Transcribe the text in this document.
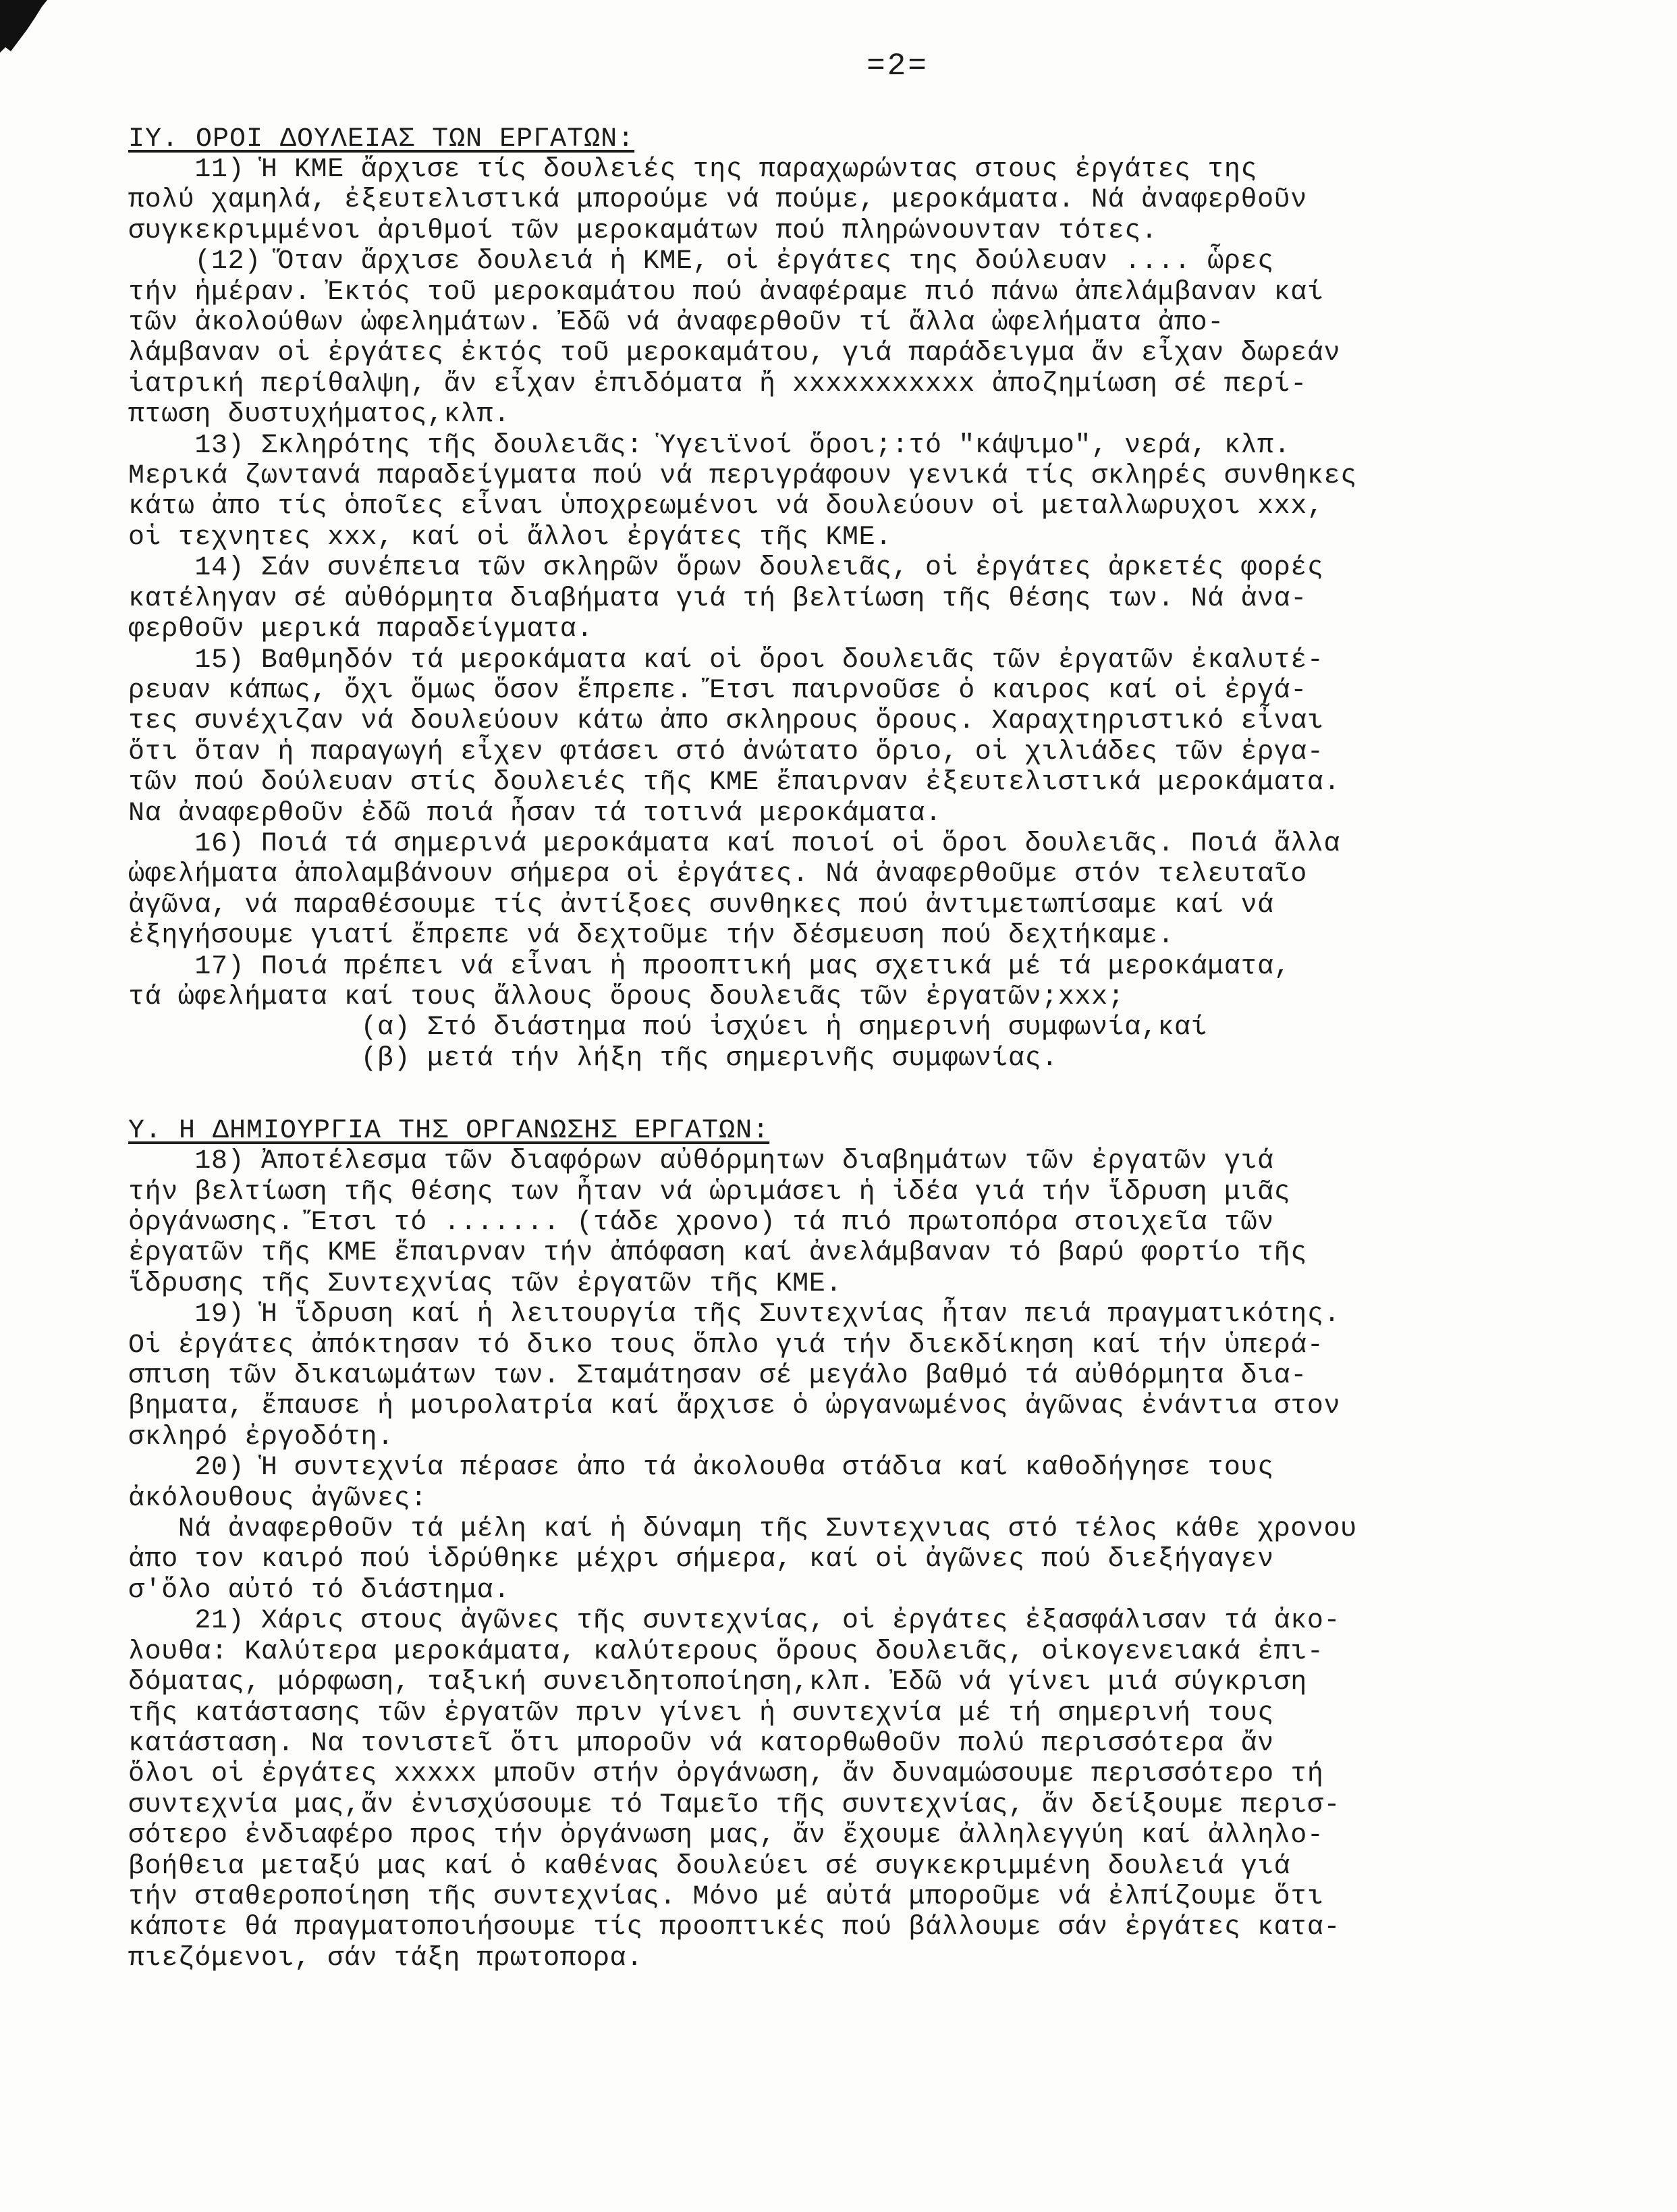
=2=
ΙΥ. ΟΡΟΙ ΔΟΥΛΕΙΑΣ ΤΩΝ ΕΡΓΑΤΩΝ:

11) Ἡ ΚΜΕ ἄρχισε τίς δουλειές της παραχωρώντας στους ἐργάτες της
πολύ χαμηλά, ἐξευτελιστικά μπορούμε νά πούμε, μεροκάματα. Νά ἀναφερθοῦν
συγκεκριμμένοι ἀριθμοί τῶν μεροκαμάτων πού πληρώνουνταν τότες.

(12) Ὅταν ἄρχισε δουλειά ἡ ΚΜΕ, οἱ ἐργάτες της δούλευαν .... ὧρες
τήν ἡμέραν. Ἐκτός τοῦ μεροκαμάτου πού ἀναφέραμε πιό πάνω ἀπελάμβαναν καί
τῶν ἀκολούθων ὠφελημάτων. Ἐδῶ νά ἀναφερθοῦν τί ἄλλα ὠφελήματα ἀπο-
λάμβαναν οἱ ἐργάτες ἐκτός τοῦ μεροκαμάτου, γιά παράδειγμα ἄν εἶχαν δωρεάν
ἰατρική περίθαλψη, ἄν εἶχαν ἐπιδόματα ἤ xxxxxxxxxxx ἀποζημίωση σέ περί-
πτωση δυστυχήματος,κλπ.

13) Σκληρότης τῆς δουλειᾶς: Ὑγειϊνοί ὅροι;:τό "κάψιμο", νερά, κλπ.
Μερικά ζωντανά παραδείγματα πού νά περιγράφουν γενικά τίς σκληρές συνθηκες
κάτω ἀπο τίς ὁποῖες εἶναι ὑποχρεωμένοι νά δουλεύουν οἱ μεταλλωρυχοι xxx,
οἱ τεχνητες xxx, καί οἱ ἄλλοι ἐργάτες τῆς ΚΜΕ.

14) Σάν συνέπεια τῶν σκληρῶν ὅρων δουλειᾶς, οἱ ἐργάτες ἀρκετές φορές
κατέληγαν σέ αὐθόρμητα διαβήματα γιά τή βελτίωση τῆς θέσης των. Νά ἀνα-
φερθοῦν μερικά παραδείγματα.

15) Βαθμηδόν τά μεροκάματα καί οἱ ὅροι δουλειᾶς τῶν ἐργατῶν ἐκαλυτέ-
ρευαν κάπως, ὄχι ὅμως ὅσον ἔπρεπε. Ἔτσι παιρνοῦσε ὁ καιρος καί οἱ ἐργά-
τες συνέχιζαν νά δουλεύουν κάτω ἀπο σκληρους ὅρους. Χαραχτηριστικό εἶναι
ὅτι ὅταν ἡ παραγωγή εἶχεν φτάσει στό ἀνώτατο ὅριο, οἱ χιλιάδες τῶν ἐργα-
τῶν πού δούλευαν στίς δουλειές τῆς ΚΜΕ ἔπαιρναν ἐξευτελιστικά μεροκάματα.
Να ἀναφερθοῦν ἐδῶ ποιά ἦσαν τά τοτινά μεροκάματα.

16) Ποιά τά σημερινά μεροκάματα καί ποιοί οἱ ὅροι δουλειᾶς. Ποιά ἄλλα
ὠφελήματα ἀπολαμβάνουν σήμερα οἱ ἐργάτες. Νά ἀναφερθοῦμε στόν τελευταῖο
ἀγῶνα, νά παραθέσουμε τίς ἀντίξοες συνθηκες πού ἀντιμετωπίσαμε καί νά
ἐξηγήσουμε γιατί ἔπρεπε νά δεχτοῦμε τήν δέσμευση πού δεχτήκαμε.

17) Ποιά πρέπει νά εἶναι ἡ προοπτική μας σχετικά μέ τά μεροκάματα,
τά ὠφελήματα καί τους ἄλλους ὅρους δουλειᾶς τῶν ἐργατῶν;xxx;
(α) Στό διάστημα πού ἰσχύει ἡ σημερινή συμφωνία,καί
(β) μετά τήν λήξη τῆς σημερινῆς συμφωνίας.

Υ. Η ΔΗΜΙΟΥΡΓΙΑ ΤΗΣ ΟΡΓΑΝΩΣΗΣ ΕΡΓΑΤΩΝ:

18) Ἀποτέλεσμα τῶν διαφόρων αὐθόρμητων διαβημάτων τῶν ἐργατῶν γιά
τήν βελτίωση τῆς θέσης των ἦταν νά ὡριμάσει ἡ ἰδέα γιά τήν ἵδρυση μιᾶς
ὀργάνωσης. Ἔτσι τό ....... (τάδε χρονο) τά πιό πρωτοπόρα στοιχεῖα τῶν
ἐργατῶν τῆς ΚΜΕ ἔπαιρναν τήν ἀπόφαση καί ἀνελάμβαναν τό βαρύ φορτίο τῆς
ἵδρυσης τῆς Συντεχνίας τῶν ἐργατῶν τῆς ΚΜΕ.

19) Ἡ ἵδρυση καί ἡ λειτουργία τῆς Συντεχνίας ἦταν πειά πραγματικότης.
Οἱ ἐργάτες ἀπόκτησαν τό δικο τους ὅπλο γιά τήν διεκδίκηση καί τήν ὑπερά-
σπιση τῶν δικαιωμάτων των. Σταμάτησαν σέ μεγάλο βαθμό τά αὐθόρμητα δια-
βηματα, ἔπαυσε ἡ μοιρολατρία καί ἄρχισε ὁ ὠργανωμένος ἀγῶνας ἐνάντια στον
σκληρό ἐργοδότη.

20) Ἡ συντεχνία πέρασε ἀπο τά ἀκολουθα στάδια καί καθοδήγησε τους
ἀκόλουθους ἀγῶνες:
Νά ἀναφερθοῦν τά μέλη καί ἡ δύναμη τῆς Συντεχνιας στό τέλος κάθε χρονου
ἀπο τον καιρό πού ἱδρύθηκε μέχρι σήμερα, καί οἱ ἀγῶνες πού διεξήγαγεν
σ'ὅλο αὐτό τό διάστημα.

21) Χάρις στους ἀγῶνες τῆς συντεχνίας, οἱ ἐργάτες ἐξασφάλισαν τά ἀκο-
λουθα: Καλύτερα μεροκάματα, καλύτερους ὅρους δουλειᾶς, οἰκογενειακά ἐπι-
δόματας, μόρφωση, ταξική συνειδητοποίηση,κλπ. Ἐδῶ νά γίνει μιά σύγκριση
τῆς κατάστασης τῶν ἐργατῶν πριν γίνει ἡ συντεχνία μέ τή σημερινή τους
κατάσταση. Να τονιστεῖ ὅτι μποροῦν νά κατορθωθοῦν πολύ περισσότερα ἄν
ὅλοι οἱ ἐργάτες xxxxx μποῦν στήν ὀργάνωση, ἄν δυναμώσουμε περισσότερο τή
συντεχνία μας,ἄν ἐνισχύσουμε τό Ταμεῖο τῆς συντεχνίας, ἄν δείξουμε περισ-
σότερο ἐνδιαφέρο προς τήν ὀργάνωση μας, ἄν ἔχουμε ἀλληλεγγύη καί ἀλληλο-
βοήθεια μεταξύ μας καί ὁ καθένας δουλεύει σέ συγκεκριμμένη δουλειά γιά
τήν σταθεροποίηση τῆς συντεχνίας. Μόνο μέ αὐτά μποροῦμε νά ἐλπίζουμε ὅτι
κάποτε θά πραγματοποιήσουμε τίς προοπτικές πού βάλλουμε σάν ἐργάτες κατα-
πιεζόμενοι, σάν τάξη πρωτοπορα.
